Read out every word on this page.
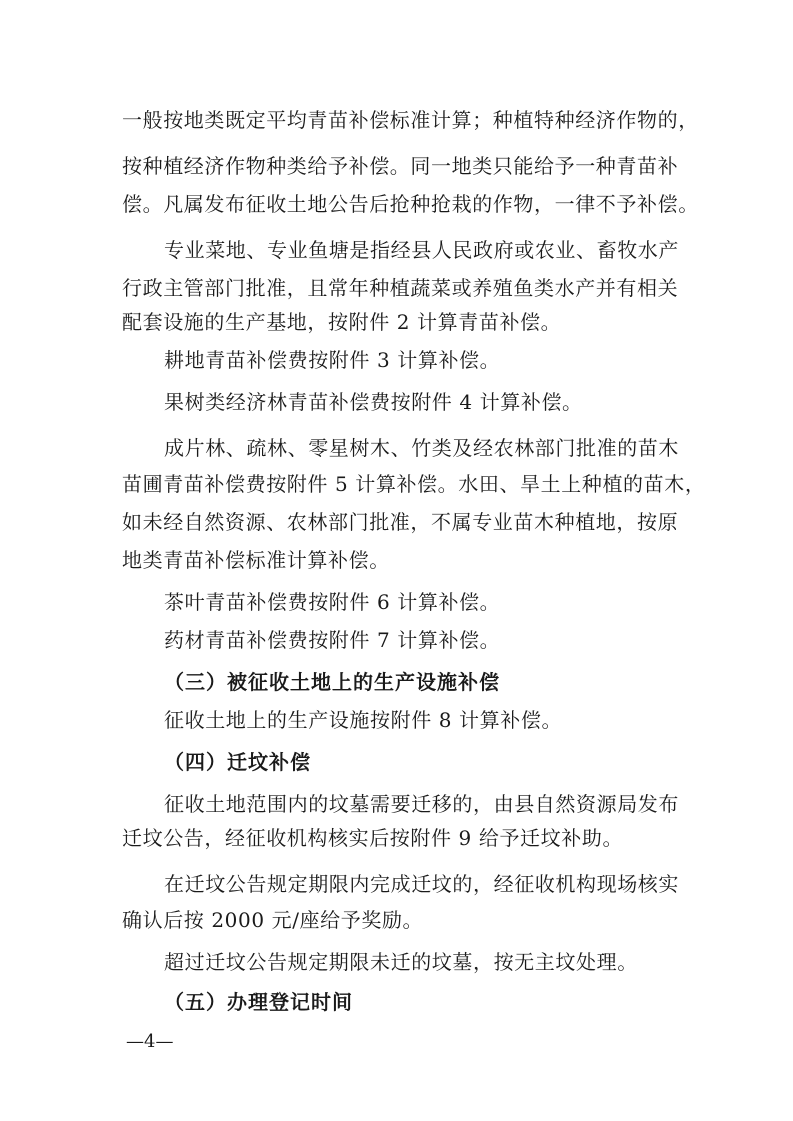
一般按地类既定平均青苗补偿标准计算；种植特种经济作物的，
按种植经济作物种类给予补偿。同一地类只能给予一种青苗补
偿。凡属发布征收土地公告后抢种抢栽的作物，一律不予补偿。
专业菜地、专业鱼塘是指经县人民政府或农业、畜牧水产
行政主管部门批准，且常年种植蔬菜或养殖鱼类水产并有相关
配套设施的生产基地，按附件 2 计算青苗补偿。
耕地青苗补偿费按附件 3 计算补偿。
果树类经济林青苗补偿费按附件 4 计算补偿。
成片林、疏林、零星树木、竹类及经农林部门批准的苗木
苗圃青苗补偿费按附件 5 计算补偿。水田、旱土上种植的苗木，
如未经自然资源、农林部门批准，不属专业苗木种植地，按原
地类青苗补偿标准计算补偿。
茶叶青苗补偿费按附件 6 计算补偿。
药材青苗补偿费按附件 7 计算补偿。
（三）被征收土地上的生产设施补偿
征收土地上的生产设施按附件 8 计算补偿。
（四）迁坟补偿
征收土地范围内的坟墓需要迁移的，由县自然资源局发布
迁坟公告，经征收机构核实后按附件 9 给予迁坟补助。
在迁坟公告规定期限内完成迁坟的，经征收机构现场核实
确认后按 2000 元/座给予奖励。
超过迁坟公告规定期限未迁的坟墓，按无主坟处理。
（五）办理登记时间
—4—
